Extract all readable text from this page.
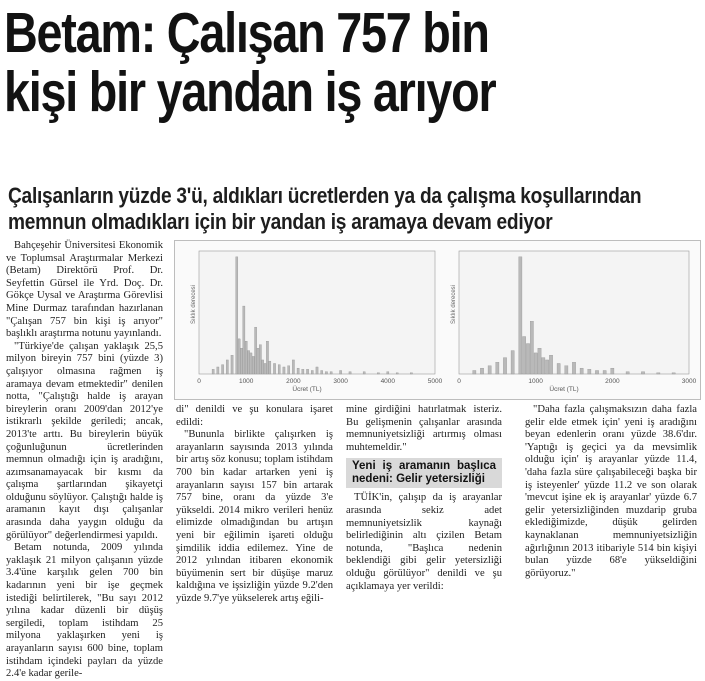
Betam: Çalışan 757 bin
kişi bir yandan iş arıyor
Çalışanların yüzde 3'ü, aldıkları ücretlerden ya da çalışma koşullarından
memnun olmadıkları için bir yandan iş aramaya devam ediyor

Bahçeşehir Üniversitesi Ekonomik ve Toplumsal Araştırmalar Merkezi (Betam) Direktörü Prof. Dr. Seyfettin Gürsel ile Yrd. Doç. Dr. Gökçe Uysal ve Araştırma Görevlisi Mine Durmaz tarafından hazırlanan "Çalışan 757 bin kişi iş arıyor" başlıklı araştırma notunu yayınlandı.

"Türkiye'de çalışan yaklaşık 25,5 milyon bireyin 757 bini (yüzde 3) çalışıyor olmasına rağmen iş aramaya devam etmektedir" denilen notta, "Çalıştığı halde iş arayan bireylerin oranı 2009'dan 2012'ye istikrarlı şekilde geriledi; ancak, 2013'te arttı. Bu bireylerin büyük çoğunluğunun ücretlerinden memnun olmadığı için iş aradığını, azımsanamayacak bir kısmı da çalışma şartlarından şikayetçi olduğunu söylüyor. Çalıştığı halde iş aramanın kayıt dışı çalışanlar arasında daha yaygın olduğu da görülüyor" değerlendirmesi yapıldı.

Betam notunda, 2009 yılında yaklaşık 21 milyon çalışanın yüzde 3.4'üne karşılık gelen 700 bin kadarının yeni bir işe geçmek istediği belirtilerek, "Bu sayı 2012 yılına kadar düzenli bir düşüş sergiledi, toplam istihdam 25 milyona yaklaşırken yeni iş arayanların sayısı 600 bine, toplam istihdam içindeki payları da yüzde 2.4'e kadar gerile-

0	1000	2000	3000	4000	5000
Ücret (TL)
Sıklık derecesi
0	1000	2000	3000
Ücret (TL)
Sıklık derecesi

di" denildi ve şu konulara işaret edildi:

"Bununla birlikte çalışırken iş arayanların sayısında 2013 yılında bir artış söz konusu; toplam istihdam 700 bin kadar artarken yeni iş arayanların sayısı 157 bin artarak 757 bine, oranı da yüzde 3'e yükseldi. 2014 mikro verileri henüz elimizde olmadığından bu artışın yeni bir eğilimin işareti olduğu şimdilik iddia edilemez. Yine de 2012 yılından itibaren ekonomik büyümenin sert bir düşüşe maruz kaldığına ve işsizliğin yüzde 9.2'den yüzde 9.7'ye yükselerek artış eğili-

mine girdiğini hatırlatmak isteriz. Bu gelişmenin çalışanlar arasında memnuniyetsizliği artırmış olması muhtemeldir."

Yeni iş aramanın başlıca nedeni: Gelir yetersizliği

TÜİK'in, çalışıp da iş arayanlar arasında sekiz adet memnuniyetsizlik kaynağı belirlediğinin altı çizilen Betam notunda, "Başlıca nedenin beklendiği gibi gelir yetersizliği olduğu görülüyor" denildi ve şu açıklamaya yer verildi:

"Daha fazla çalışmaksızın daha fazla gelir elde etmek için' yeni iş aradığını beyan edenlerin oranı yüzde 38.6'dır. 'Yaptığı iş geçici ya da mevsimlik olduğu için' iş arayanlar yüzde 11.4, 'daha fazla süre çalışabileceği başka bir iş isteyenler' yüzde 11.2 ve son olarak 'mevcut işine ek iş arayanlar' yüzde 6.7 gelir yetersizliğinden muzdarip gruba eklediğimizde, düşük gelirden kaynaklanan memnuniyetsizliğin ağırlığının 2013 itibariyle 514 bin kişiyi bulan yüzde 68'e yükseldiğini görüyoruz."
